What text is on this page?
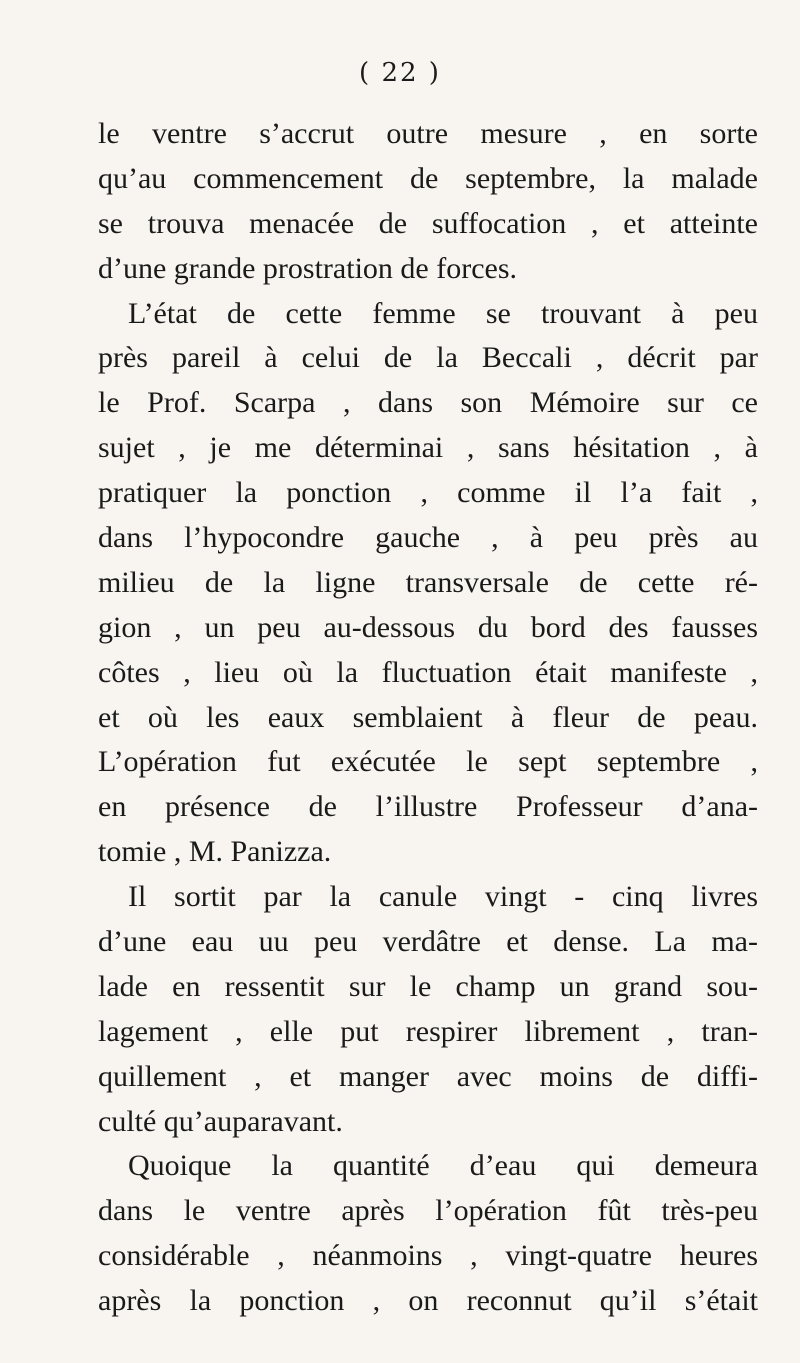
( 22 )
le ventre s’accrut outre mesure , en sorte
qu’au commencement de septembre, la malade
se trouva menacée de suffocation , et atteinte
d’une grande prostration de forces.
L’état de cette femme se trouvant à peu
près pareil à celui de la Beccali , décrit par
le Prof. Scarpa , dans son Mémoire sur ce
sujet , je me déterminai , sans hésitation , à
pratiquer la ponction , comme il l’a fait ,
dans l’hypocondre gauche , à peu près au
milieu de la ligne transversale de cette ré-
gion , un peu au-dessous du bord des fausses
côtes , lieu où la fluctuation était manifeste ,
et où les eaux semblaient à fleur de peau.
L’opération fut exécutée le sept septembre ,
en présence de l’illustre Professeur d’ana-
tomie , M. Panizza.
Il sortit par la canule vingt - cinq livres
d’une eau uu peu verdâtre et dense. La ma-
lade en ressentit sur le champ un grand sou-
lagement , elle put respirer librement , tran-
quillement , et manger avec moins de diffi-
culté qu’auparavant.
Quoique la quantité d’eau qui demeura
dans le ventre après l’opération fût très-peu
considérable , néanmoins , vingt-quatre heures
après la ponction , on reconnut qu’il s’était
